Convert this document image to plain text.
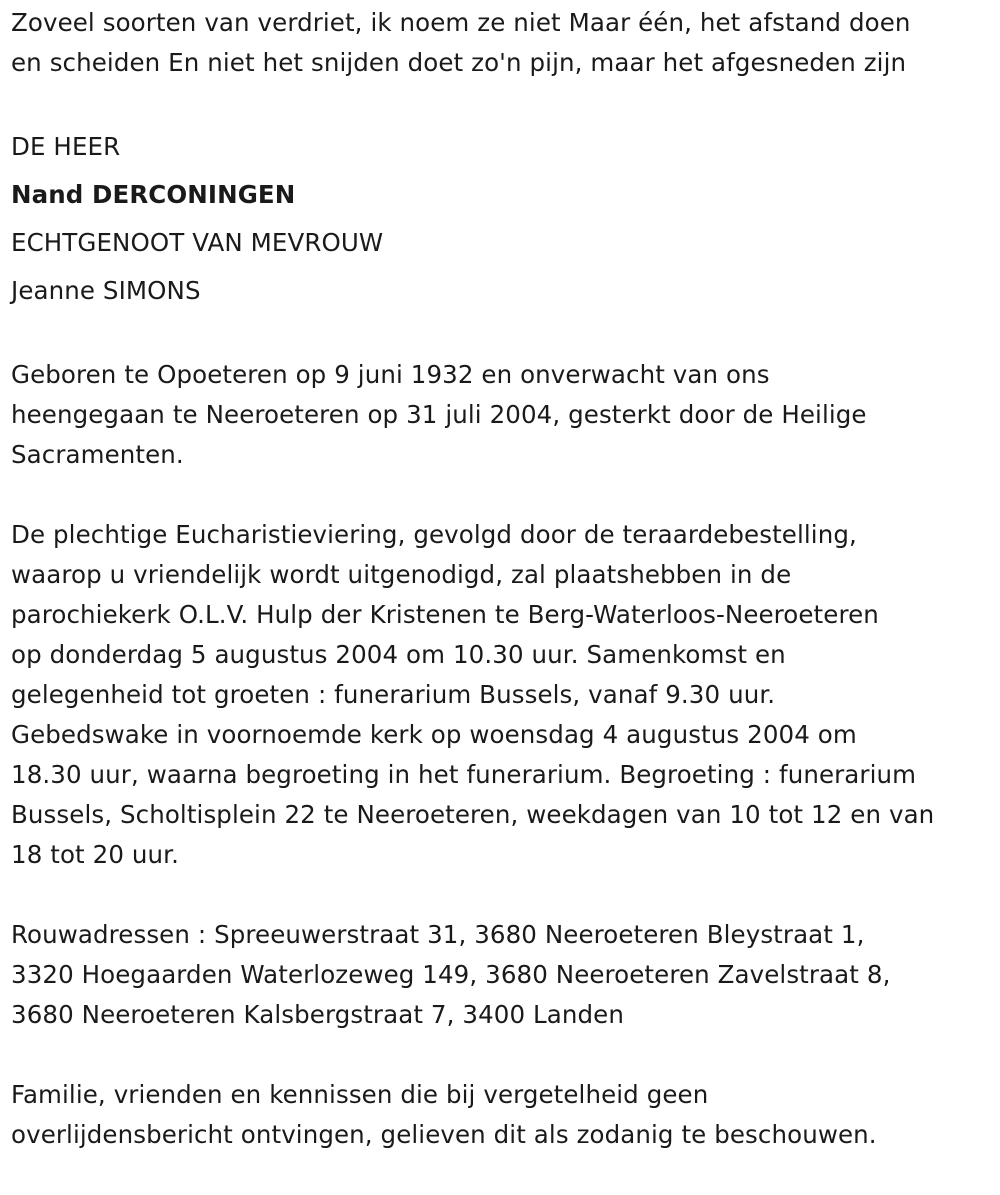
Zoveel soorten van verdriet, ik noem ze niet Maar één, het afstand doen
en scheiden En niet het snijden doet zo'n pijn, maar het afgesneden zijn
DE HEER
Nand DERCONINGEN
ECHTGENOOT VAN MEVROUW
Jeanne SIMONS
Geboren te Opoeteren op 9 juni 1932 en onverwacht van ons
heengegaan te Neeroeteren op 31 juli 2004, gesterkt door de Heilige
Sacramenten.
De plechtige Eucharistieviering, gevolgd door de teraardebestelling,
waarop u vriendelijk wordt uitgenodigd, zal plaatshebben in de
parochiekerk O.L.V. Hulp der Kristenen te Berg-Waterloos-Neeroeteren
op donderdag 5 augustus 2004 om 10.30 uur. Samenkomst en
gelegenheid tot groeten : funerarium Bussels, vanaf 9.30 uur.
Gebedswake in voornoemde kerk op woensdag 4 augustus 2004 om
18.30 uur, waarna begroeting in het funerarium. Begroeting : funerarium
Bussels, Scholtisplein 22 te Neeroeteren, weekdagen van 10 tot 12 en van
18 tot 20 uur.
Rouwadressen : Spreeuwerstraat 31, 3680 Neeroeteren Bleystraat 1,
3320 Hoegaarden Waterlozeweg 149, 3680 Neeroeteren Zavelstraat 8,
3680 Neeroeteren Kalsbergstraat 7, 3400 Landen
Familie, vrienden en kennissen die bij vergetelheid geen
overlijdensbericht ontvingen, gelieven dit als zodanig te beschouwen.
